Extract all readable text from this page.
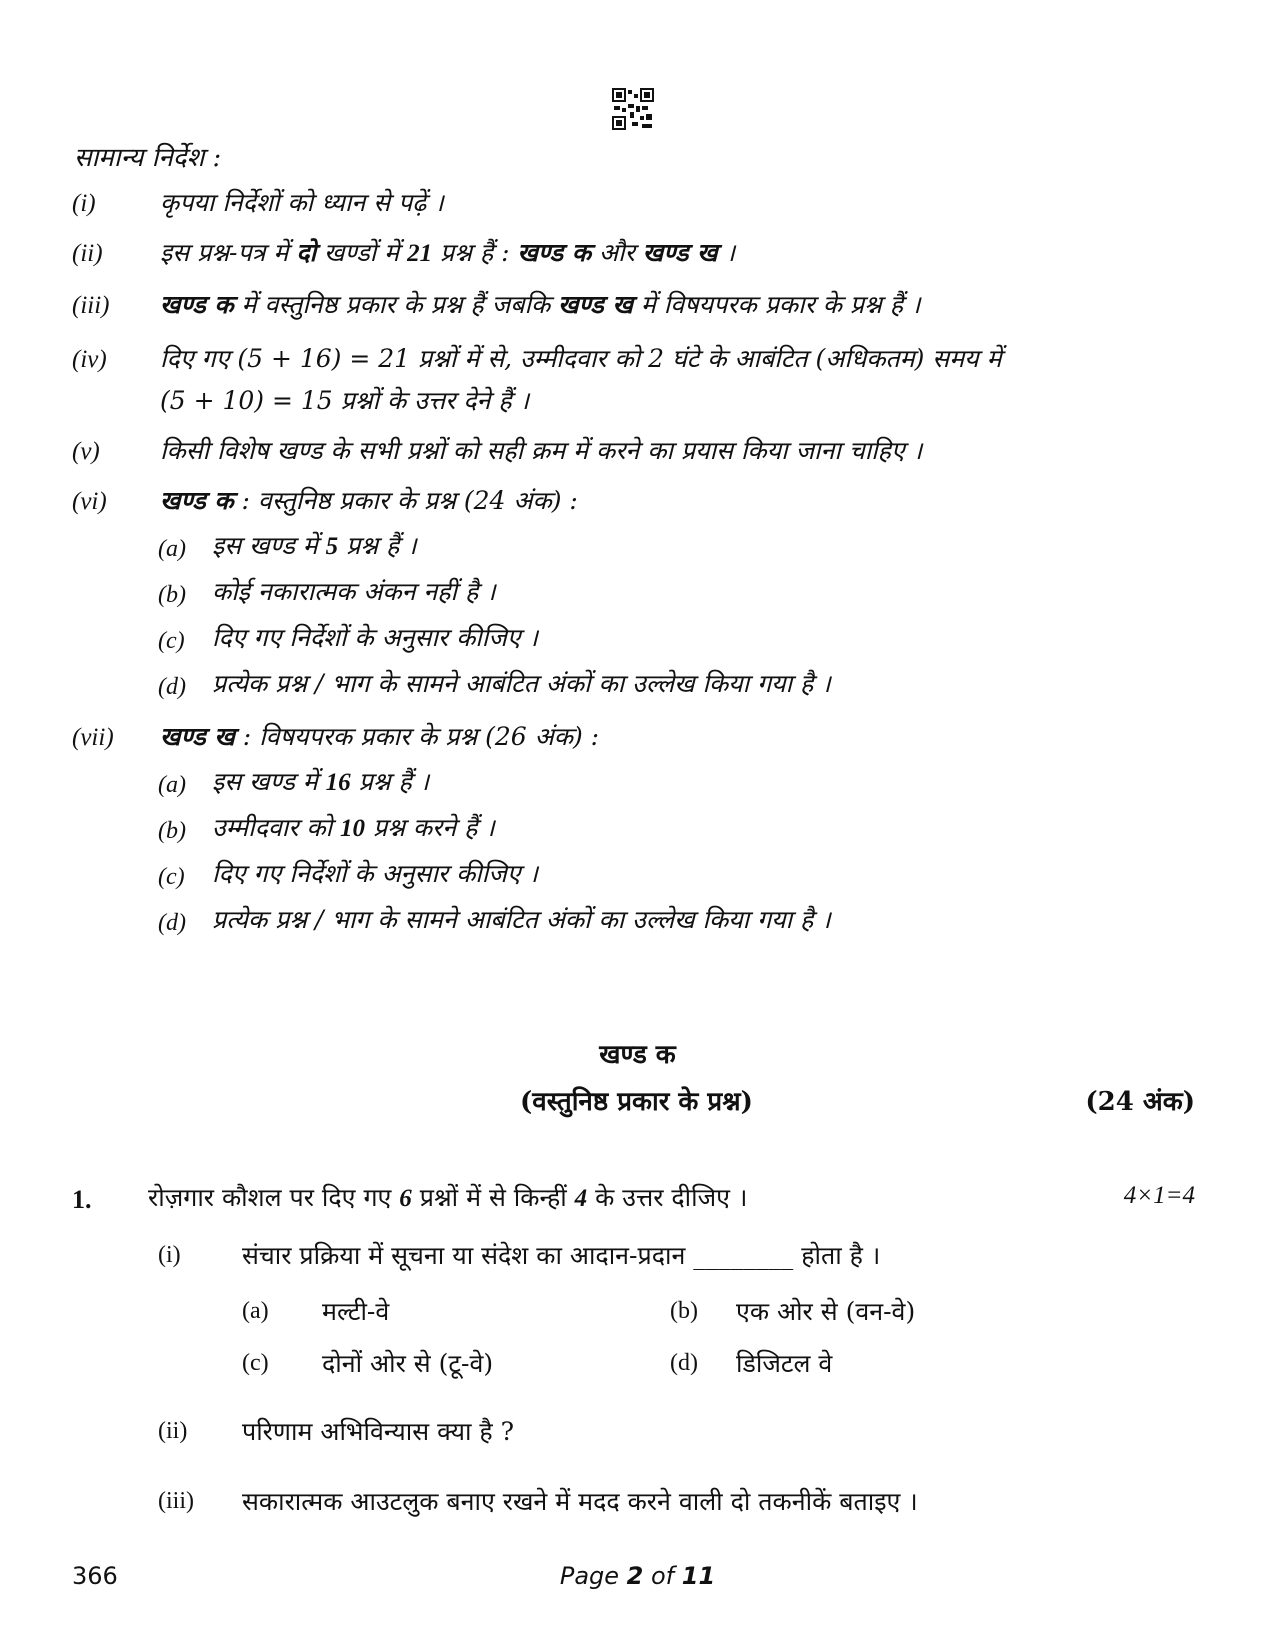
सामान्य निर्देश :
(i)	कृपया निर्देशों को ध्यान से पढ़ें ।
(ii) इस प्रश्न-पत्र में दो खण्डों में 21 प्रश्न हैं : खण्ड क और खण्ड ख ।
(iii) खण्ड क में वस्तुनिष्ठ प्रकार के प्रश्न हैं जबकि खण्ड ख में विषयपरक प्रकार के प्रश्न हैं ।
(iv) दिए गए (5 + 16) = 21 प्रश्नों में से, उम्मीदवार को 2 घंटे के आबंटित (अधिकतम) समय में
(5 + 10) = 15 प्रश्नों के उत्तर देने हैं ।
(v) किसी विशेष खण्ड के सभी प्रश्नों को सही क्रम में करने का प्रयास किया जाना चाहिए ।
(vi) खण्ड क : वस्तुनिष्ठ प्रकार के प्रश्न (24 अंक) :
(a) इस खण्ड में 5 प्रश्न हैं ।
(b) कोई नकारात्मक अंकन नहीं है ।
(c) दिए गए निर्देशों के अनुसार कीजिए ।
(d) प्रत्येक प्रश्न / भाग के सामने आबंटित अंकों का उल्लेख किया गया है ।
(vii) खण्ड ख : विषयपरक प्रकार के प्रश्न (26 अंक) :
(a) इस खण्ड में 16 प्रश्न हैं ।
(b) उम्मीदवार को 10 प्रश्न करने हैं ।
(c) दिए गए निर्देशों के अनुसार कीजिए ।
(d) प्रत्येक प्रश्न / भाग के सामने आबंटित अंकों का उल्लेख किया गया है ।
खण्ड क
(वस्तुनिष्ठ प्रकार के प्रश्न)	(24 अंक)
1. रोज़गार कौशल पर दिए गए 6 प्रश्नों में से किन्हीं 4 के उत्तर दीजिए ।	4×1=4
(i) संचार प्रक्रिया में सूचना या संदेश का आदान-प्रदान ________ होता है ।
(a) मल्टी-वे	(b) एक ओर से (वन-वे)
(c) दोनों ओर से (टू-वे)	(d) डिजिटल वे
(ii) परिणाम अभिविन्यास क्या है ?
(iii) सकारात्मक आउटलुक बनाए रखने में मदद करने वाली दो तकनीकें बताइए ।
366	Page 2 of 11
